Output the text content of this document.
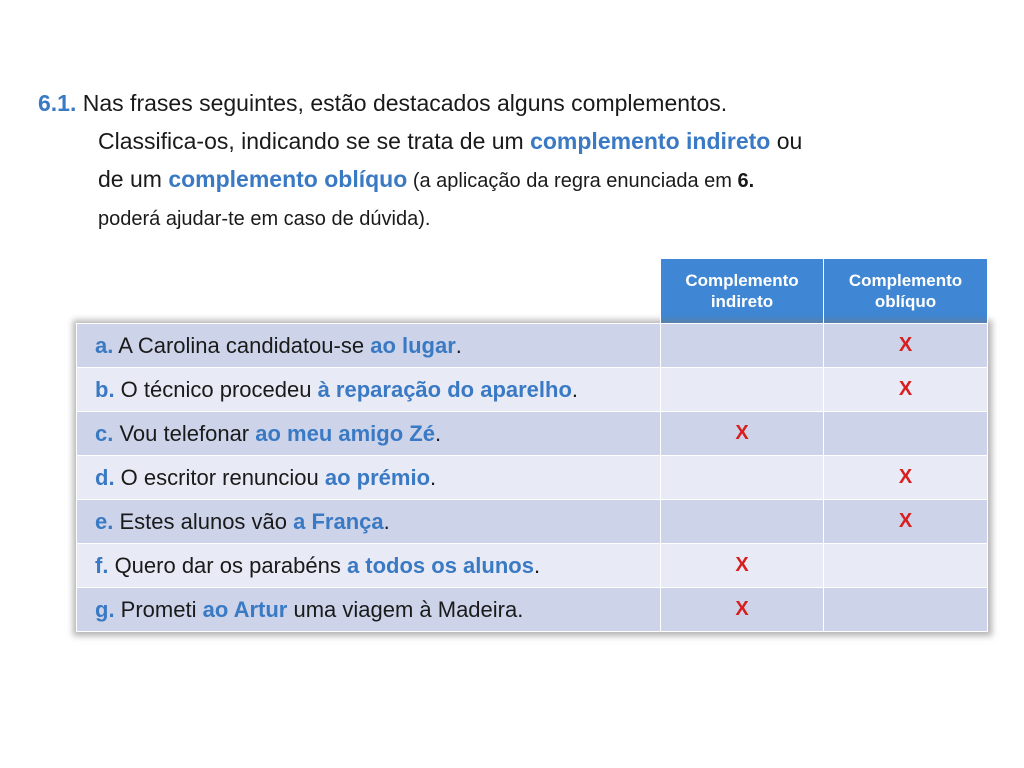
6.1. Nas frases seguintes, estão destacados alguns complementos.
Classifica-os, indicando se se trata de um complemento indireto ou
de um complemento oblíquo (a aplicação da regra enunciada em 6.
poderá ajudar-te em caso de dúvida).
	Complemento indireto	Complemento oblíquo
a. A Carolina candidatou-se ao lugar.		X
b. O técnico procedeu à reparação do aparelho.		X
c. Vou telefonar ao meu amigo Zé.	X	
d. O escritor renunciou ao prémio.		X
e. Estes alunos vão a França.		X
f. Quero dar os parabéns a todos os alunos.	X	
g. Prometi ao Artur uma viagem à Madeira.	X	
